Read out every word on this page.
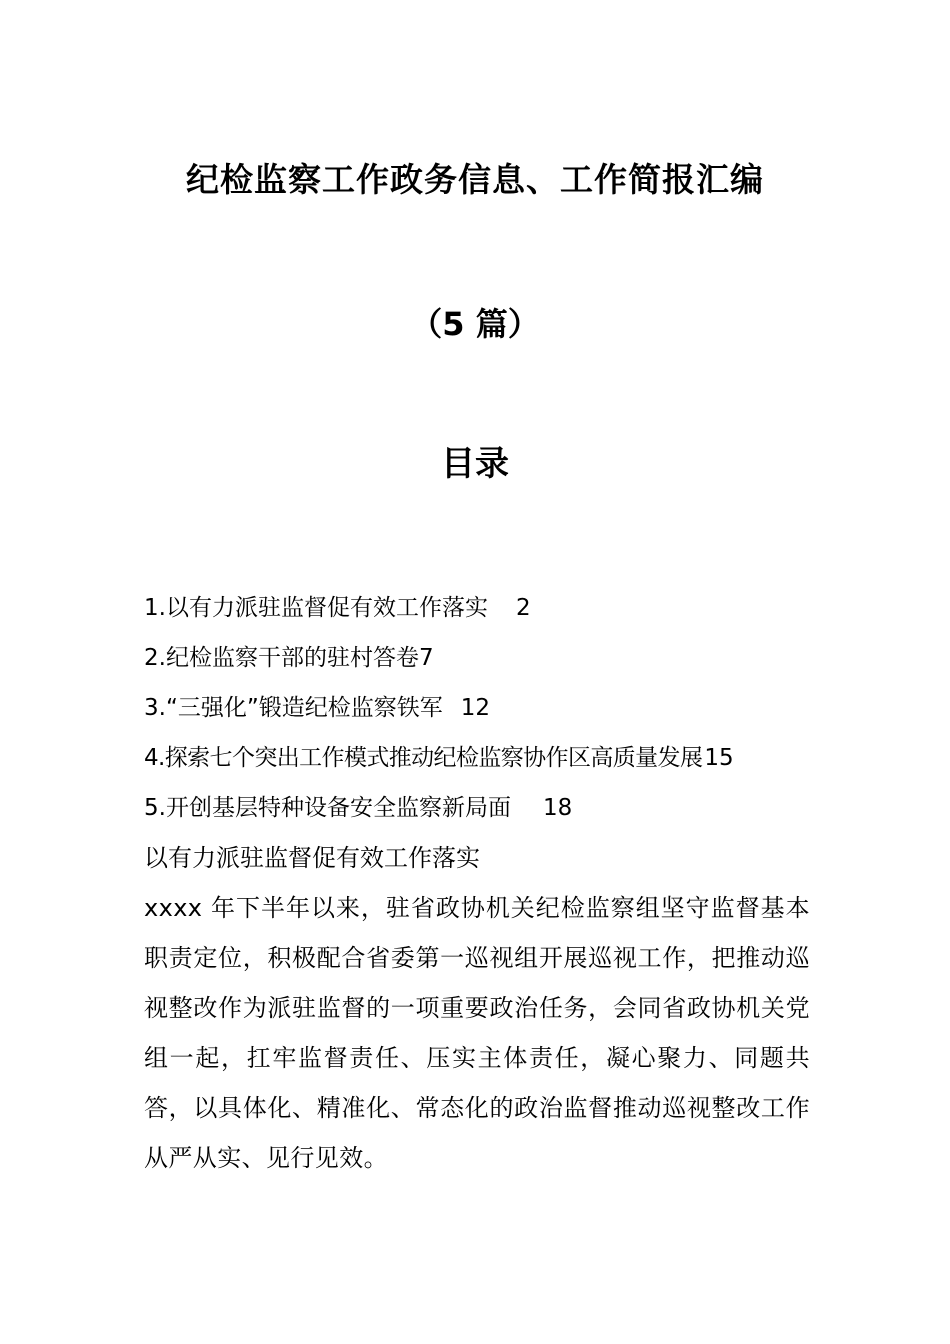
纪检监察工作政务信息、工作简报汇编
（5 篇）
目录
1.以有力派驻监督促有效工作落实 2
2.纪检监察干部的驻村答卷 7
3.“三强化”锻造纪检监察铁军 12
4.探索七个突出工作模式推动纪检监察协作区高质量发展 15
5.开创基层特种设备安全监察新局面 18
以有力派驻监督促有效工作落实
xxxx 年下半年以来，驻省政协机关纪检监察组坚守监督基本职责定位，积极配合省委第一巡视组开展巡视工作，把推动巡视整改作为派驻监督的一项重要政治任务，会同省政协机关党组一起，扛牢监督责任、压实主体责任，凝心聚力、同题共答，以具体化、精准化、常态化的政治监督推动巡视整改工作从严从实、见行见效。
